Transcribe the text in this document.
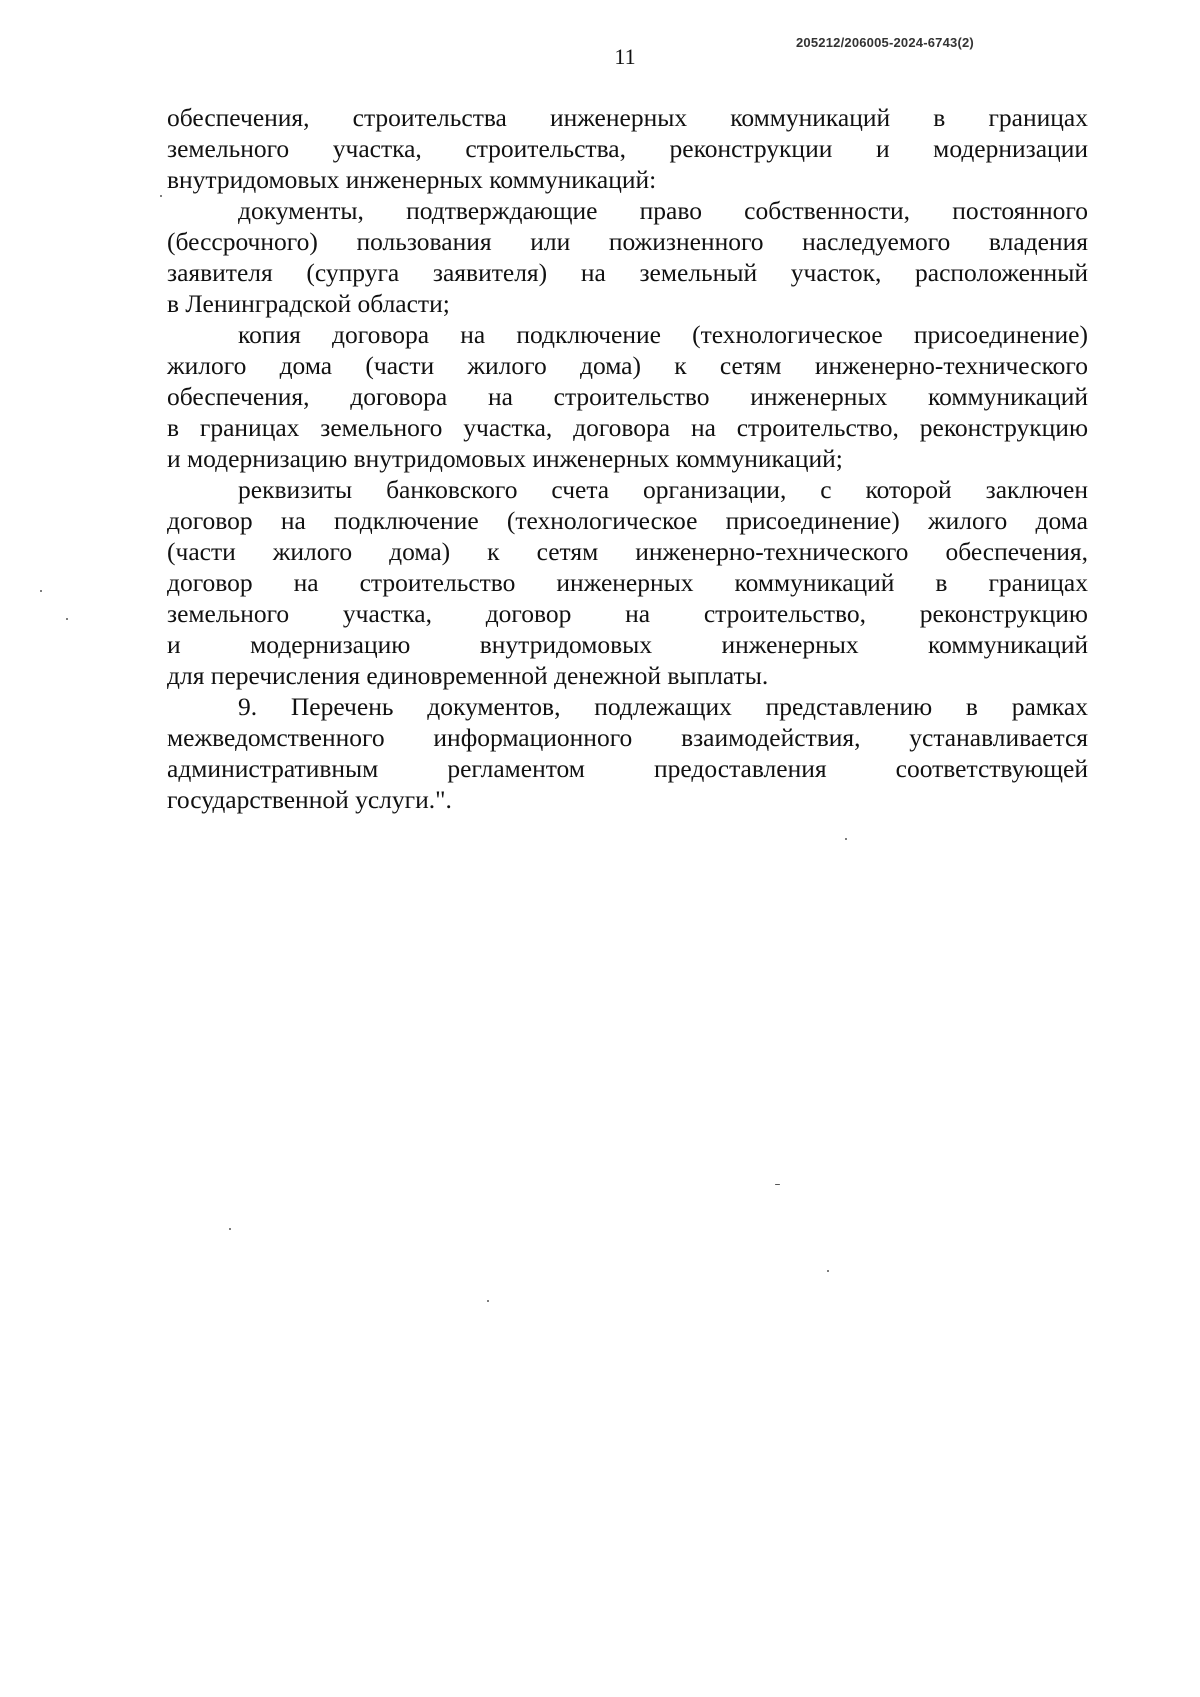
205212/206005-2024-6743(2)
11
обеспечения, строительства инженерных коммуникаций в границах
земельного участка, строительства, реконструкции и модернизации
внутридомовых инженерных коммуникаций:
документы, подтверждающие право собственности, постоянного
(бессрочного) пользования или пожизненного наследуемого владения
заявителя (супруга заявителя) на земельный участок, расположенный
в Ленинградской области;
копия договора на подключение (технологическое присоединение)
жилого дома (части жилого дома) к сетям инженерно-технического
обеспечения, договора на строительство инженерных коммуникаций
в границах земельного участка, договора на строительство, реконструкцию
и модернизацию внутридомовых инженерных коммуникаций;
реквизиты банковского счета организации, с которой заключен
договор на подключение (технологическое присоединение) жилого дома
(части жилого дома) к сетям инженерно-технического обеспечения,
договор на строительство инженерных коммуникаций в границах
земельного участка, договор на строительство, реконструкцию
и модернизацию внутридомовых инженерных коммуникаций
для перечисления единовременной денежной выплаты.
9. Перечень документов, подлежащих представлению в рамках
межведомственного информационного взаимодействия, устанавливается
административным регламентом предоставления соответствующей
государственной услуги.".
